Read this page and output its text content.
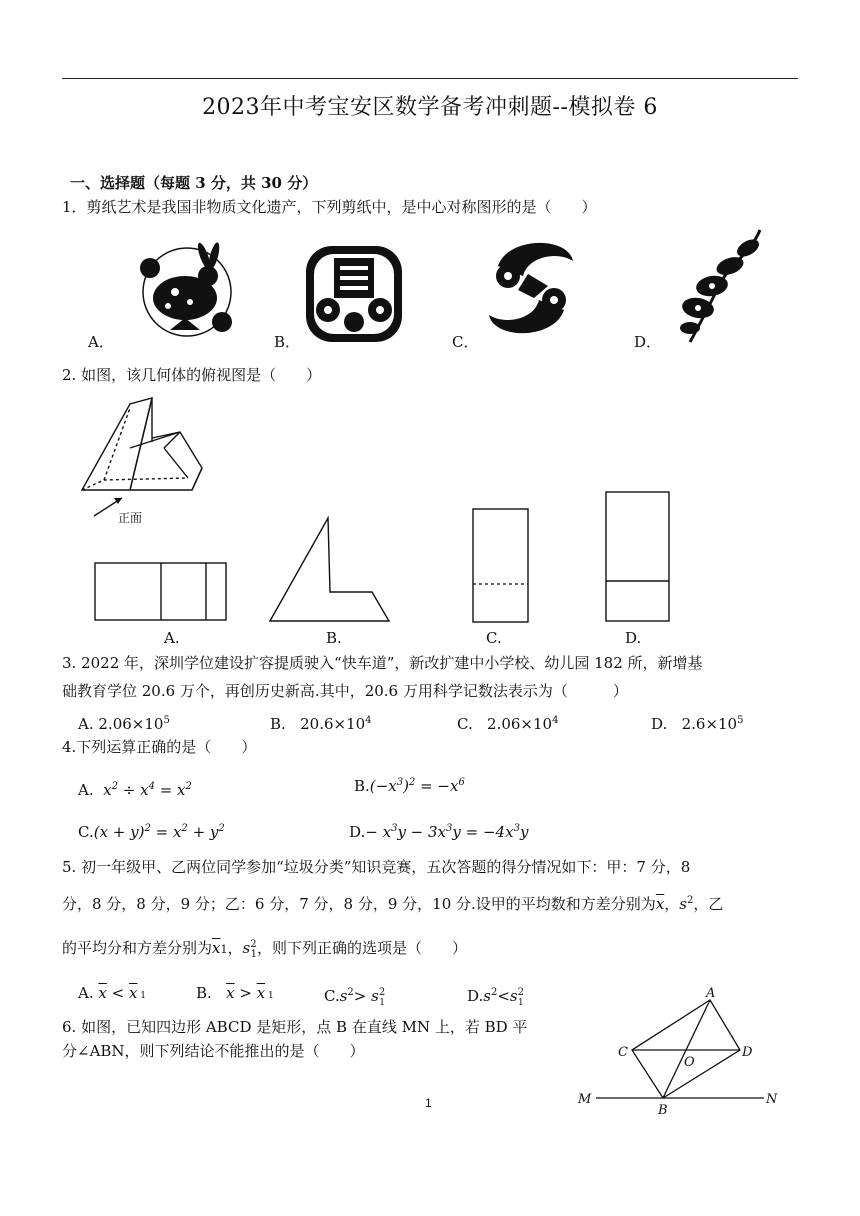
2023年中考宝安区数学备考冲刺题--模拟卷 6
一、选择题（每题 3 分，共 30 分）
1．剪纸艺术是我国非物质文化遗产，下列剪纸中，是中心对称图形的是（　　）
A．	B．	C．	D．
2. 如图，该几何体的俯视图是（　　）
正面
A.	B.	C.	D.
3. 2022 年，深圳学位建设扩容提质驶入“快车道”，新改扩建中小学校、幼儿园 182 所，新增基
础教育学位 20.6 万个，再创历史新高.其中，20.6 万用科学记数法表示为（　　　）
A. $2.06\times 10^5$	B. $20.6\times 10^4$	C. $2.06\times 10^4$	D. $2.6\times 10^5$
4.下列运算正确的是（　　）
A.  $x^2 \div x^4 = x^2$	$B.(-x^3)^2 = -x^6$
$C.(x + y)^2 = x^2 + y^2$	$D.- x^3y - 3x^3y = -4x^3y$
5. 初一年级甲、乙两位同学参加“垃圾分类”知识竞赛，五次答题的得分情况如下：甲：7 分，8
分，8 分，8 分，9 分；乙：6 分，7 分，8 分，9 分，10 分.设甲的平均数和方差分别为$\overline{x}$，$s^2$，乙
的平均分和方差分别为$\overline{x}1$，$s^2_1$，则下列正确的选项是（　　）
A. $\overline{x} < \overline{x}$ 1	B. $\overline{x} > \overline{x}$ 1	$C.s^2> s^2_1$	$D.s^2<s^2_1$
6. 如图，已知四边形 ABCD 是矩形，点 B 在直线 MN 上，若 BD 平
分∠ABN，则下列结论不能推出的是（　　）
A
B
C	D
O
M	N
1
